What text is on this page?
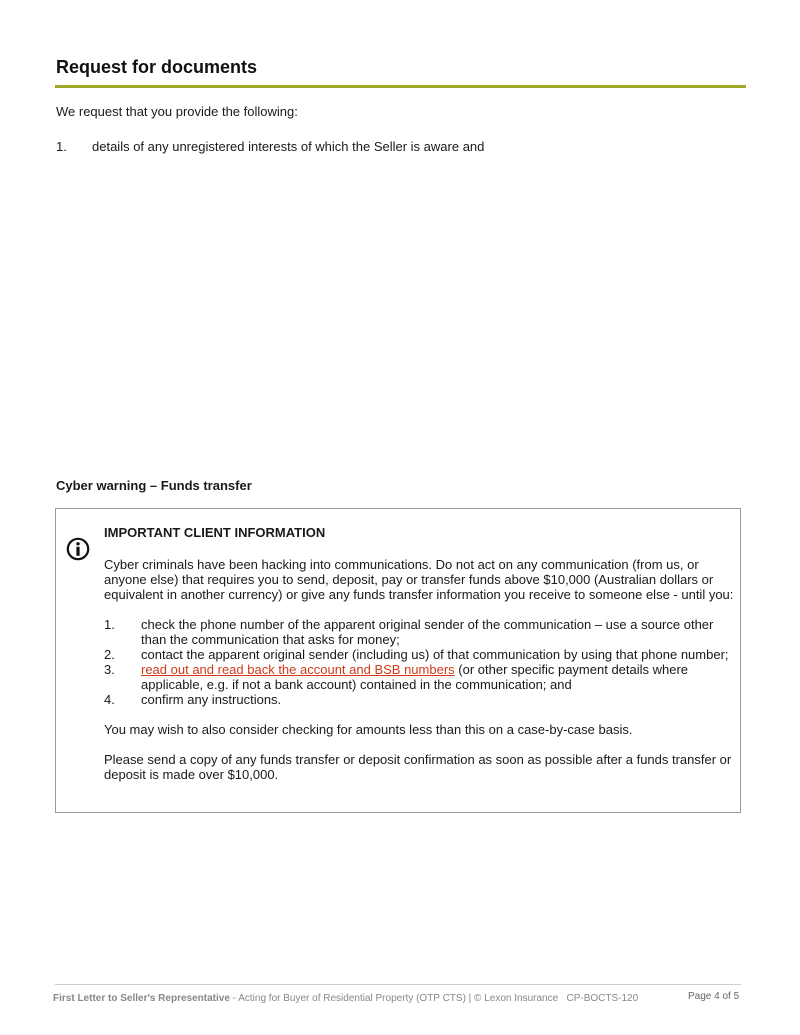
Request for documents
We request that you provide the following:
1. details of any unregistered interests of which the Seller is aware and
Cyber warning – Funds transfer

IMPORTANT CLIENT INFORMATION

Cyber criminals have been hacking into communications. Do not act on any communication (from us, or anyone else) that requires you to send, deposit, pay or transfer funds above $10,000 (Australian dollars or equivalent in another currency) or give any funds transfer information you receive to someone else - until you:

1. check the phone number of the apparent original sender of the communication – use a source other than the communication that asks for money;
2. contact the apparent original sender (including us) of that communication by using that phone number;
3. read out and read back the account and BSB numbers (or other specific payment details where applicable, e.g. if not a bank account) contained in the communication; and
4. confirm any instructions.

You may wish to also consider checking for amounts less than this on a case-by-case basis.

Please send a copy of any funds transfer or deposit confirmation as soon as possible after a funds transfer or deposit is made over $10,000.

First Letter to Seller's Representative - Acting for Buyer of Residential Property (OTP CTS) | © Lexon Insurance CP-BOCTS-120	Page 4 of 5
